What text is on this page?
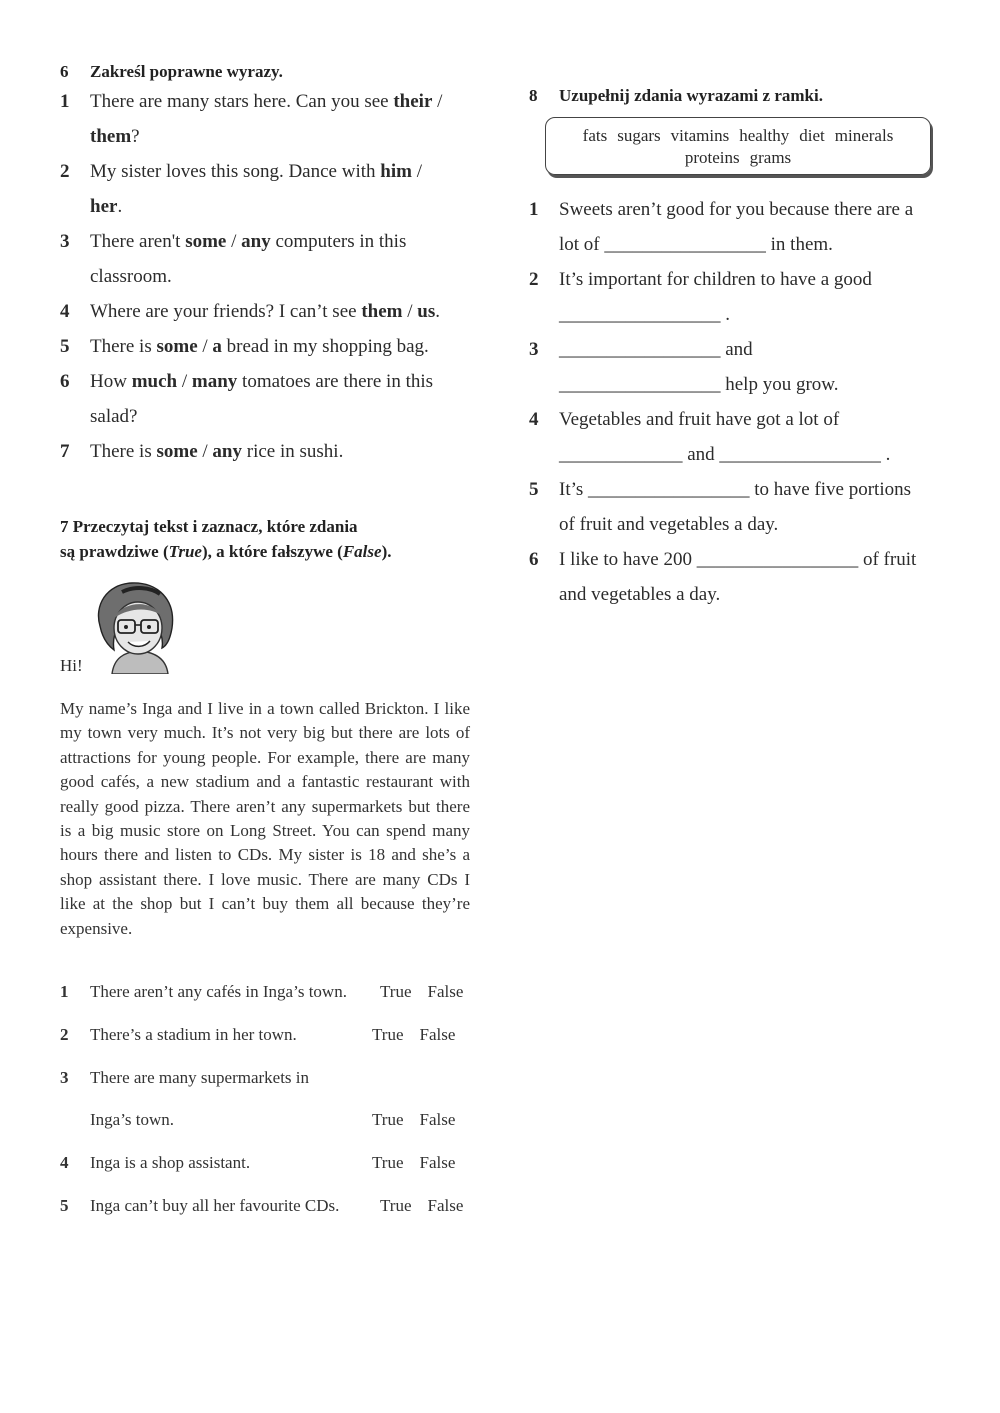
6 Zakreśl poprawne wyrazy.
1	There are many stars here. Can you see their /
them?
2	My sister loves this song. Dance with him /
her.
3	There aren't some / any computers in this classroom.
4	Where are your friends? I can’t see them / us.
5	There is some / a bread in my shopping bag.
6	How much / many tomatoes are there in this salad?
7	There is some / any rice in sushi.
7 Przeczytaj tekst i zaznacz, które zdania
są prawdziwe (True), a które fałszywe (False).
Hi!
My name’s Inga and I live in a town called Brickton. I like my town very much. It’s not very big but there are lots of attractions for young people. For example, there are many good cafés, a new stadium and a fantastic restaurant with really good pizza. There aren’t any supermarkets but there is a big music store on Long Street. You can spend many hours there and listen to CDs. My sister is 18 and she’s a shop assistant there. I love music. There are many CDs I like at the shop but I can’t buy them all because they’re expensive.
1	There aren’t any cafés in Inga’s town.	True False
2	There’s a stadium in her town.	True False
3	There are many supermarkets in
Inga’s town.	True False
4	Inga is a shop assistant.	True False
5	Inga can’t buy all her favourite CDs.	True False
8 Uzupełnij zdania wyrazami z ramki.
fats sugars vitamins healthy diet minerals
proteins grams
1	Sweets aren’t good for you because there are a
lot of _________________ in them.
2	It’s important for children to have a good
_________________ .
3	_________________ and
_________________ help you grow.
4	Vegetables and fruit have got a lot of
_____________ and _________________ .
5	It’s _________________ to have five portions
of fruit and vegetables a day.
6	I like to have 200 _________________ of fruit
and vegetables a day.
